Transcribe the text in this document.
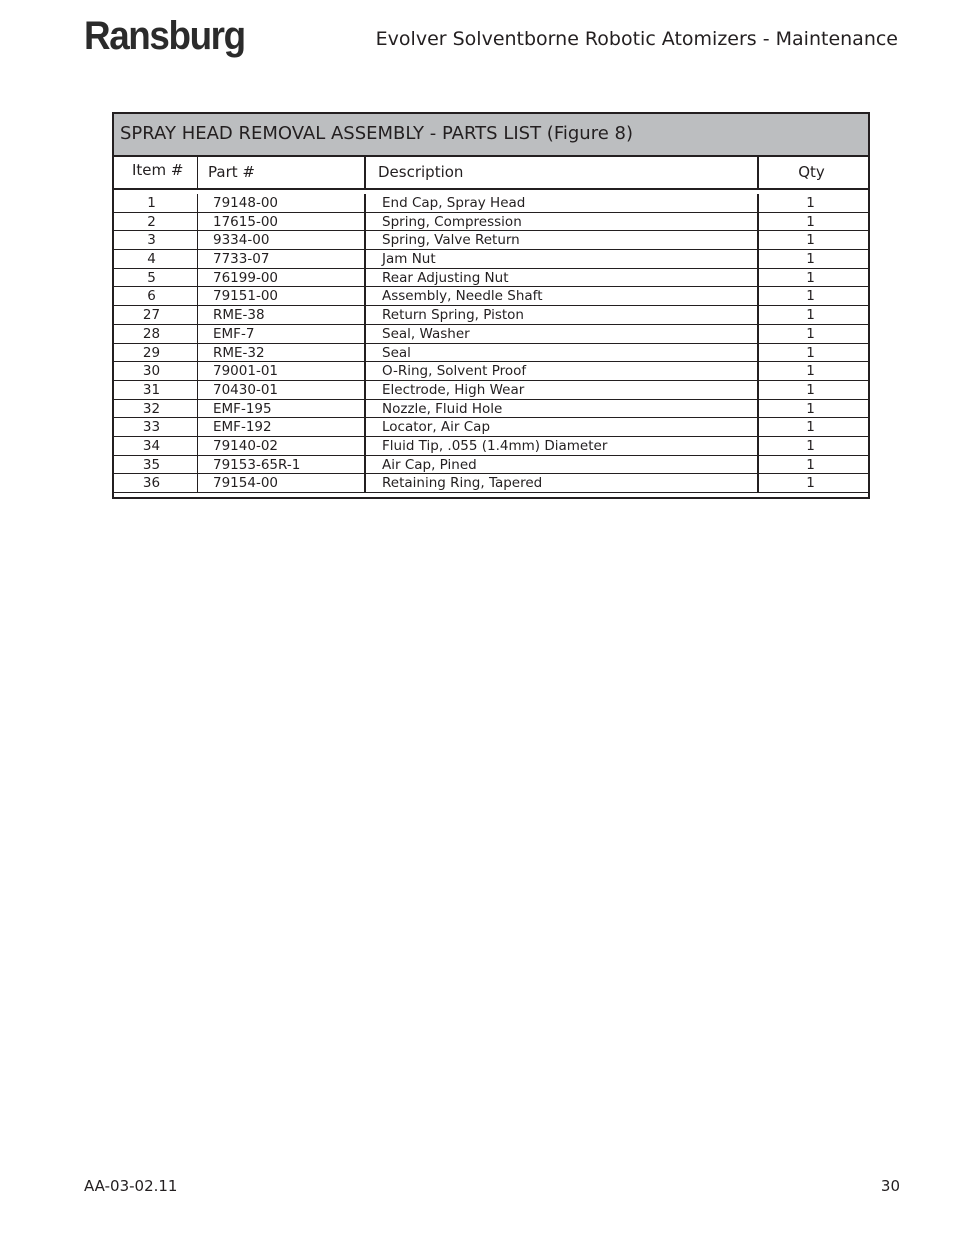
Ransburg	Evolver Solventborne Robotic Atomizers - Maintenance
SPRAY HEAD REMOVAL ASSEMBLY - PARTS LIST (Figure 8)
Item #	Part #	Description	Qty
1	79148-00	End Cap, Spray Head	1
2	17615-00	Spring, Compression	1
3	9334-00	Spring, Valve Return	1
4	7733-07	Jam Nut	1
5	76199-00	Rear Adjusting Nut	1
6	79151-00	Assembly, Needle Shaft	1
27	RME-38	Return Spring, Piston	1
28	EMF-7	Seal, Washer	1
29	RME-32	Seal	1
30	79001-01	O-Ring, Solvent Proof	1
31	70430-01	Electrode, High Wear	1
32	EMF-195	Nozzle, Fluid Hole	1
33	EMF-192	Locator, Air Cap	1
34	79140-02	Fluid Tip, .055 (1.4mm) Diameter	1
35	79153-65R-1	Air Cap, Pined	1
36	79154-00	Retaining Ring, Tapered	1
AA-03-02.11	30
